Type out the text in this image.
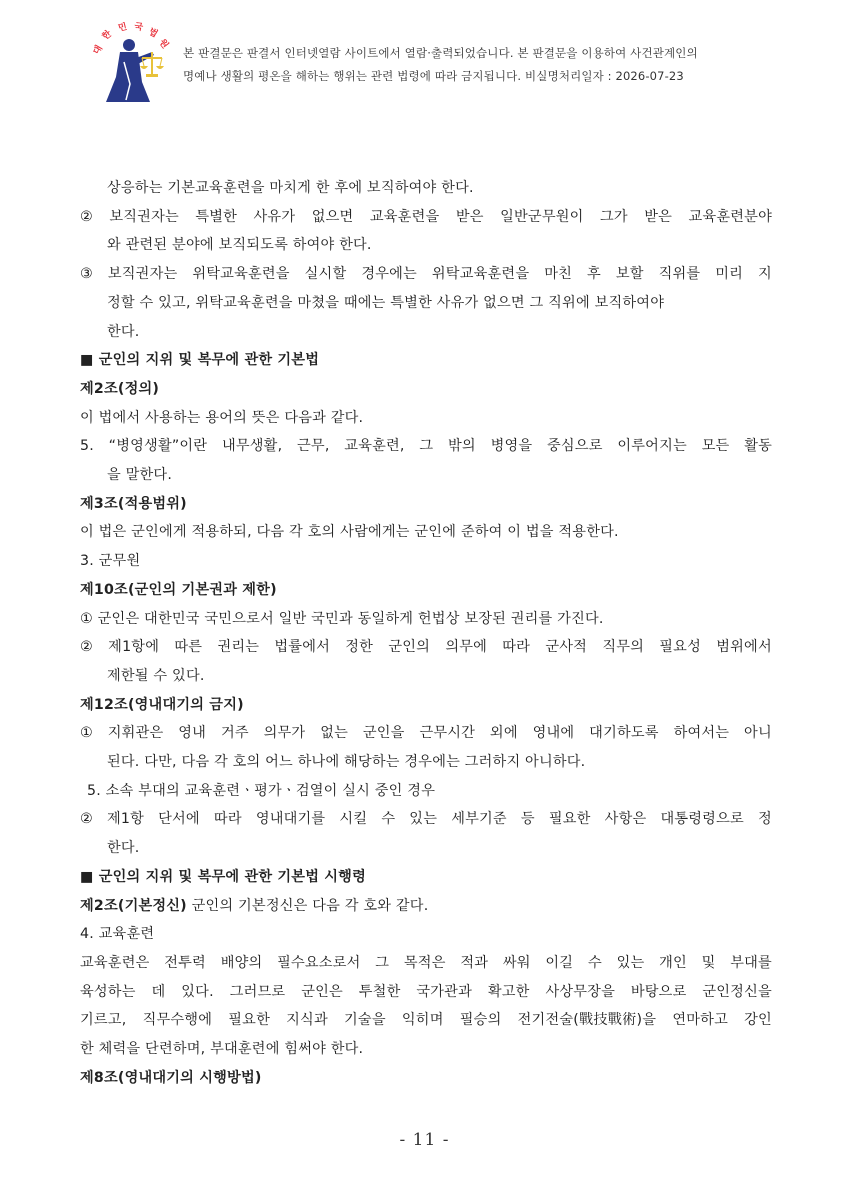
대
한
민 국 법
원
본 판결문은 판결서 인터넷열람 사이트에서 열람·출력되었습니다. 본 판결문을 이용하여 사건관계인의
명예나 생활의 평온을 해하는 행위는 관련 법령에 따라 금지됩니다. 비실명처리일자 : 2026-07-23
상응하는 기본교육훈련을 마치게 한 후에 보직하여야 한다.
② 보직권자는 특별한 사유가 없으면 교육훈련을 받은 일반군무원이 그가 받은 교육훈련분야
와 관련된 분야에 보직되도록 하여야 한다.
③ 보직권자는 위탁교육훈련을 실시할 경우에는 위탁교육훈련을 마친 후 보할 직위를 미리 지
정할 수 있고, 위탁교육훈련을 마쳤을 때에는 특별한 사유가 없으면 그 직위에 보직하여야
한다.
■ 군인의 지위 및 복무에 관한 기본법
제2조(정의)
이 법에서 사용하는 용어의 뜻은 다음과 같다.
5. “병영생활”이란 내무생활, 근무, 교육훈련, 그 밖의 병영을 중심으로 이루어지는 모든 활동
을 말한다.
제3조(적용범위)
이 법은 군인에게 적용하되, 다음 각 호의 사람에게는 군인에 준하여 이 법을 적용한다.
3. 군무원
제10조(군인의 기본권과 제한)
① 군인은 대한민국 국민으로서 일반 국민과 동일하게 헌법상 보장된 권리를 가진다.
② 제1항에 따른 권리는 법률에서 정한 군인의 의무에 따라 군사적 직무의 필요성 범위에서
제한될 수 있다.
제12조(영내대기의 금지)
① 지휘관은 영내 거주 의무가 없는 군인을 근무시간 외에 영내에 대기하도록 하여서는 아니
된다. 다만, 다음 각 호의 어느 하나에 해당하는 경우에는 그러하지 아니하다.
5. 소속 부대의 교육훈련ㆍ평가ㆍ검열이 실시 중인 경우
② 제1항 단서에 따라 영내대기를 시킬 수 있는 세부기준 등 필요한 사항은 대통령령으로 정
한다.
■ 군인의 지위 및 복무에 관한 기본법 시행령
제2조(기본정신) 군인의 기본정신은 다음 각 호와 같다.
4. 교육훈련
교육훈련은 전투력 배양의 필수요소로서 그 목적은 적과 싸워 이길 수 있는 개인 및 부대를
육성하는 데 있다. 그러므로 군인은 투철한 국가관과 확고한 사상무장을 바탕으로 군인정신을
기르고, 직무수행에 필요한 지식과 기술을 익히며 필승의 전기전술(戰技戰術)을 연마하고 강인
한 체력을 단련하며, 부대훈련에 힘써야 한다.
제8조(영내대기의 시행방법)
- 11 -
